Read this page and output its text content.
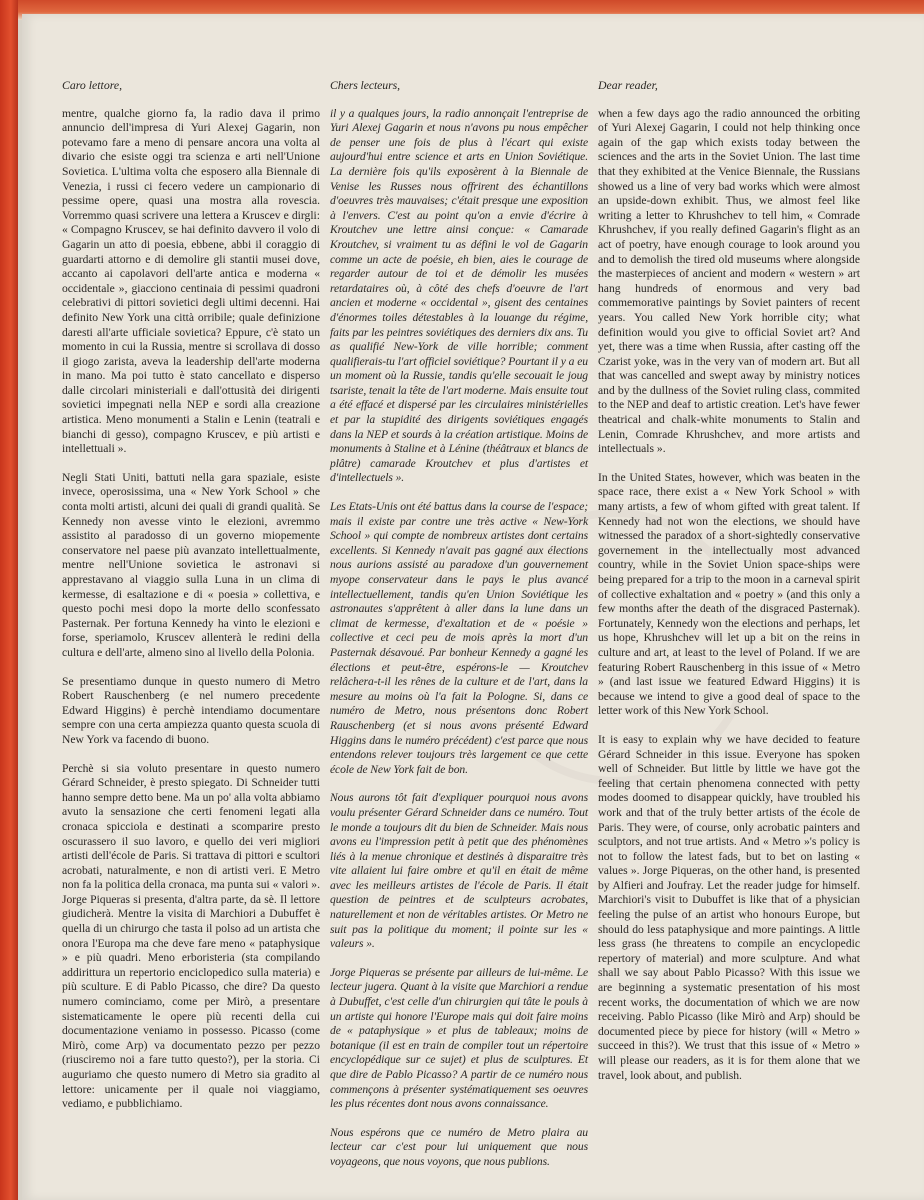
Caro lettore,

mentre, qualche giorno fa, la radio dava il primo annuncio dell'impresa di Yuri Alexej Gagarin, non potevamo fare a meno di pensare ancora una volta al divario che esiste oggi tra scienza e arti nell'Unione Sovietica. L'ultima volta che esposero alla Biennale di Venezia, i russi ci fecero vedere un campionario di pessime opere, quasi una mostra alla rovescia. Vorremmo quasi scrivere una lettera a Kruscev e dirgli: « Compagno Kruscev, se hai definito davvero il volo di Gagarin un atto di poesia, ebbene, abbi il coraggio di guardarti attorno e di demolire gli stantii musei dove, accanto ai capolavori dell'arte antica e moderna « occidentale », giacciono centinaia di pessimi quadroni celebrativi di pittori sovietici degli ultimi decenni. Hai definito New York una città orribile; quale definizione daresti all'arte ufficiale sovietica? Eppure, c'è stato un momento in cui la Russia, mentre si scrollava di dosso il giogo zarista, aveva la leadership dell'arte moderna in mano. Ma poi tutto è stato cancellato e disperso dalle circolari ministeriali e dall'ottusità dei dirigenti sovietici impegnati nella NEP e sordi alla creazione artistica. Meno monumenti a Stalin e Lenin (teatrali e bianchi di gesso), compagno Kruscev, e più artisti e intellettuali ».

Negli Stati Uniti, battuti nella gara spaziale, esiste invece, operosissima, una « New York School » che conta molti artisti, alcuni dei quali di grandi qualità. Se Kennedy non avesse vinto le elezioni, avremmo assistito al paradosso di un governo miopemente conservatore nel paese più avanzato intellettualmente, mentre nell'Unione sovietica le astronavi si apprestavano al viaggio sulla Luna in un clima di kermesse, di esaltazione e di « poesia » collettiva, e questo pochi mesi dopo la morte dello sconfessato Pasternak. Per fortuna Kennedy ha vinto le elezioni e forse, speriamolo, Kruscev allenterà le redini della cultura e dell'arte, almeno sino al livello della Polonia.

Se presentiamo dunque in questo numero di Metro Robert Rauschenberg (e nel numero precedente Edward Higgins) è perchè intendiamo documentare sempre con una certa ampiezza quanto questa scuola di New York va facendo di buono.

Perchè si sia voluto presentare in questo numero Gérard Schneider, è presto spiegato. Di Schneider tutti hanno sempre detto bene. Ma un po' alla volta abbiamo avuto la sensazione che certi fenomeni legati alla cronaca spicciola e destinati a scomparire presto oscurassero il suo lavoro, e quello dei veri migliori artisti dell'école de Paris. Si trattava di pittori e scultori acrobati, naturalmente, e non di artisti veri. E Metro non fa la politica della cronaca, ma punta sui « valori ». Jorge Piqueras si presenta, d'altra parte, da sè. Il lettore giudicherà. Mentre la visita di Marchiori a Dubuffet è quella di un chirurgo che tasta il polso ad un artista che onora l'Europa ma che deve fare meno « pataphysique » e più quadri. Meno erboristeria (sta compilando addirittura un repertorio enciclopedico sulla materia) e più sculture. E di Pablo Picasso, che dire? Da questo numero cominciamo, come per Mirò, a presentare sistematicamente le opere più recenti della cui documentazione veniamo in possesso. Picasso (come Mirò, come Arp) va documentato pezzo per pezzo (riusciremo noi a fare tutto questo?), per la storia. Ci auguriamo che questo numero di Metro sia gradito al lettore: unicamente per il quale noi viaggiamo, vediamo, e pubblichiamo.

Chers lecteurs,

il y a qualques jours, la radio annonçait l'entreprise de Yuri Alexej Gagarin et nous n'avons pu nous empêcher de penser une fois de plus à l'écart qui existe aujourd'hui entre science et arts en Union Soviétique. La dernière fois qu'ils exposèrent à la Biennale de Venise les Russes nous offrirent des échantillons d'oeuvres très mauvaises; c'était presque une exposition à l'envers. C'est au point qu'on a envie d'écrire à Kroutchev une lettre ainsi conçue: « Camarade Kroutchev, si vraiment tu as défini le vol de Gagarin comme un acte de poésie, eh bien, aies le courage de regarder autour de toi et de démolir les musées retardataires où, à côté des chefs d'oeuvre de l'art ancien et moderne « occidental », gisent des centaines d'énormes toiles détestables à la louange du régime, faits par les peintres soviétiques des derniers dix ans. Tu as qualifié New-York de ville horrible; comment qualifierais-tu l'art officiel soviétique? Pourtant il y a eu un moment où la Russie, tandis qu'elle secouait le joug tsariste, tenait la tête de l'art moderne. Mais ensuite tout a été effacé et dispersé par les circulaires ministérielles et par la stupidité des dirigents soviétiques engagés dans la NEP et sourds à la création artistique. Moins de monuments à Staline et à Lénine (théâtraux et blancs de plâtre) camarade Kroutchev et plus d'artistes et d'intellectuels ».

Les Etats-Unis ont été battus dans la course de l'espace; mais il existe par contre une très active « New-York School » qui compte de nombreux artistes dont certains excellents. Si Kennedy n'avait pas gagné aux élections nous aurions assisté au paradoxe d'un gouvernement myope conservateur dans le pays le plus avancé intellectuellement, tandis qu'en Union Soviétique les astronautes s'apprêtent à aller dans la lune dans un climat de kermesse, d'exaltation et de « poésie » collective et ceci peu de mois après la mort d'un Pasternak désavoué. Par bonheur Kennedy a gagné les élections et peut-être, espérons-le — Kroutchev relâchera-t-il les rênes de la culture et de l'art, dans la mesure au moins où l'a fait la Pologne. Si, dans ce numéro de Metro, nous présentons donc Robert Rauschenberg (et si nous avons présenté Edward Higgins dans le numéro précédent) c'est parce que nous entendons relever toujours très largement ce que cette école de New York fait de bon.

Nous aurons tôt fait d'expliquer pourquoi nous avons voulu présenter Gérard Schneider dans ce numéro. Tout le monde a toujours dit du bien de Schneider. Mais nous avons eu l'impression petit à petit que des phénomènes liés à la menue chronique et destinés à disparaitre très vite allaient lui faire ombre et qu'il en était de même avec les meilleurs artistes de l'école de Paris. Il était question de peintres et de sculpteurs acrobates, naturellement et non de véritables artistes. Or Metro ne suit pas la politique du moment; il pointe sur les « valeurs ».

Jorge Piqueras se présente par ailleurs de lui-même. Le lecteur jugera. Quant à la visite que Marchiori a rendue à Dubuffet, c'est celle d'un chirurgien qui tâte le pouls à un artiste qui honore l'Europe mais qui doit faire moins de « pataphysique » et plus de tableaux; moins de botanique (il est en train de compiler tout un répertoire encyclopédique sur ce sujet) et plus de sculptures. Et que dire de Pablo Picasso? A partir de ce numéro nous commençons à présenter systématiquement ses oeuvres les plus récentes dont nous avons connaissance.

Nous espérons que ce numéro de Metro plaira au lecteur car c'est pour lui uniquement que nous voyageons, que nous voyons, que nous publions.

Dear reader,

when a few days ago the radio announced the orbiting of Yuri Alexej Gagarin, I could not help thinking once again of the gap which exists today between the sciences and the arts in the Soviet Union. The last time that they exhibited at the Venice Biennale, the Russians showed us a line of very bad works which were almost an upside-down exhibit. Thus, we almost feel like writing a letter to Khrushchev to tell him, « Comrade Khrushchev, if you really defined Gagarin's flight as an act of poetry, have enough courage to look around you and to demolish the tired old museums where alongside the masterpieces of ancient and modern « western » art hang hundreds of enormous and very bad commemorative paintings by Soviet painters of recent years. You called New York horrible city; what definition would you give to official Soviet art? And yet, there was a time when Russia, after casting off the Czarist yoke, was in the very van of modern art. But all that was cancelled and swept away by ministry notices and by the dullness of the Soviet ruling class, commited to the NEP and deaf to artistic creation. Let's have fewer theatrical and chalk-white monuments to Stalin and Lenin, Comrade Khrushchev, and more artists and intellectuals ».

In the United States, however, which was beaten in the space race, there exist a « New York School » with many artists, a few of whom gifted with great talent. If Kennedy had not won the elections, we should have witnessed the paradox of a short-sightedly conservative governement in the intellectually most advanced country, while in the Soviet Union space-ships were being prepared for a trip to the moon in a carneval spirit of collective exhaltation and « poetry » (and this only a few months after the death of the disgraced Pasternak). Fortunately, Kennedy won the elections and perhaps, let us hope, Khrushchev will let up a bit on the reins in culture and art, at least to the level of Poland. If we are featuring Robert Rauschenberg in this issue of « Metro » (and last issue we featured Edward Higgins) it is because we intend to give a good deal of space to the letter work of this New York School.

It is easy to explain why we have decided to feature Gérard Schneider in this issue. Everyone has spoken well of Schneider. But little by little we have got the feeling that certain phenomena connected with petty modes doomed to disappear quickly, have troubled his work and that of the truly better artists of the école de Paris. They were, of course, only acrobatic painters and sculptors, and not true artists. And « Metro »'s policy is not to follow the latest fads, but to bet on lasting « values ». Jorge Piqueras, on the other hand, is presented by Alfieri and Joufray. Let the reader judge for himself. Marchiori's visit to Dubuffet is like that of a physician feeling the pulse of an artist who honours Europe, but should do less pataphysique and more paintings. A little less grass (he threatens to compile an encyclopedic repertory of material) and more sculpture. And what shall we say about Pablo Picasso? With this issue we are beginning a systematic presentation of his most recent works, the documentation of which we are now receiving. Pablo Picasso (like Mirò and Arp) should be documented piece by piece for history (will « Metro » succeed in this?). We trust that this issue of « Metro » will please our readers, as it is for them alone that we travel, look about, and publish.
